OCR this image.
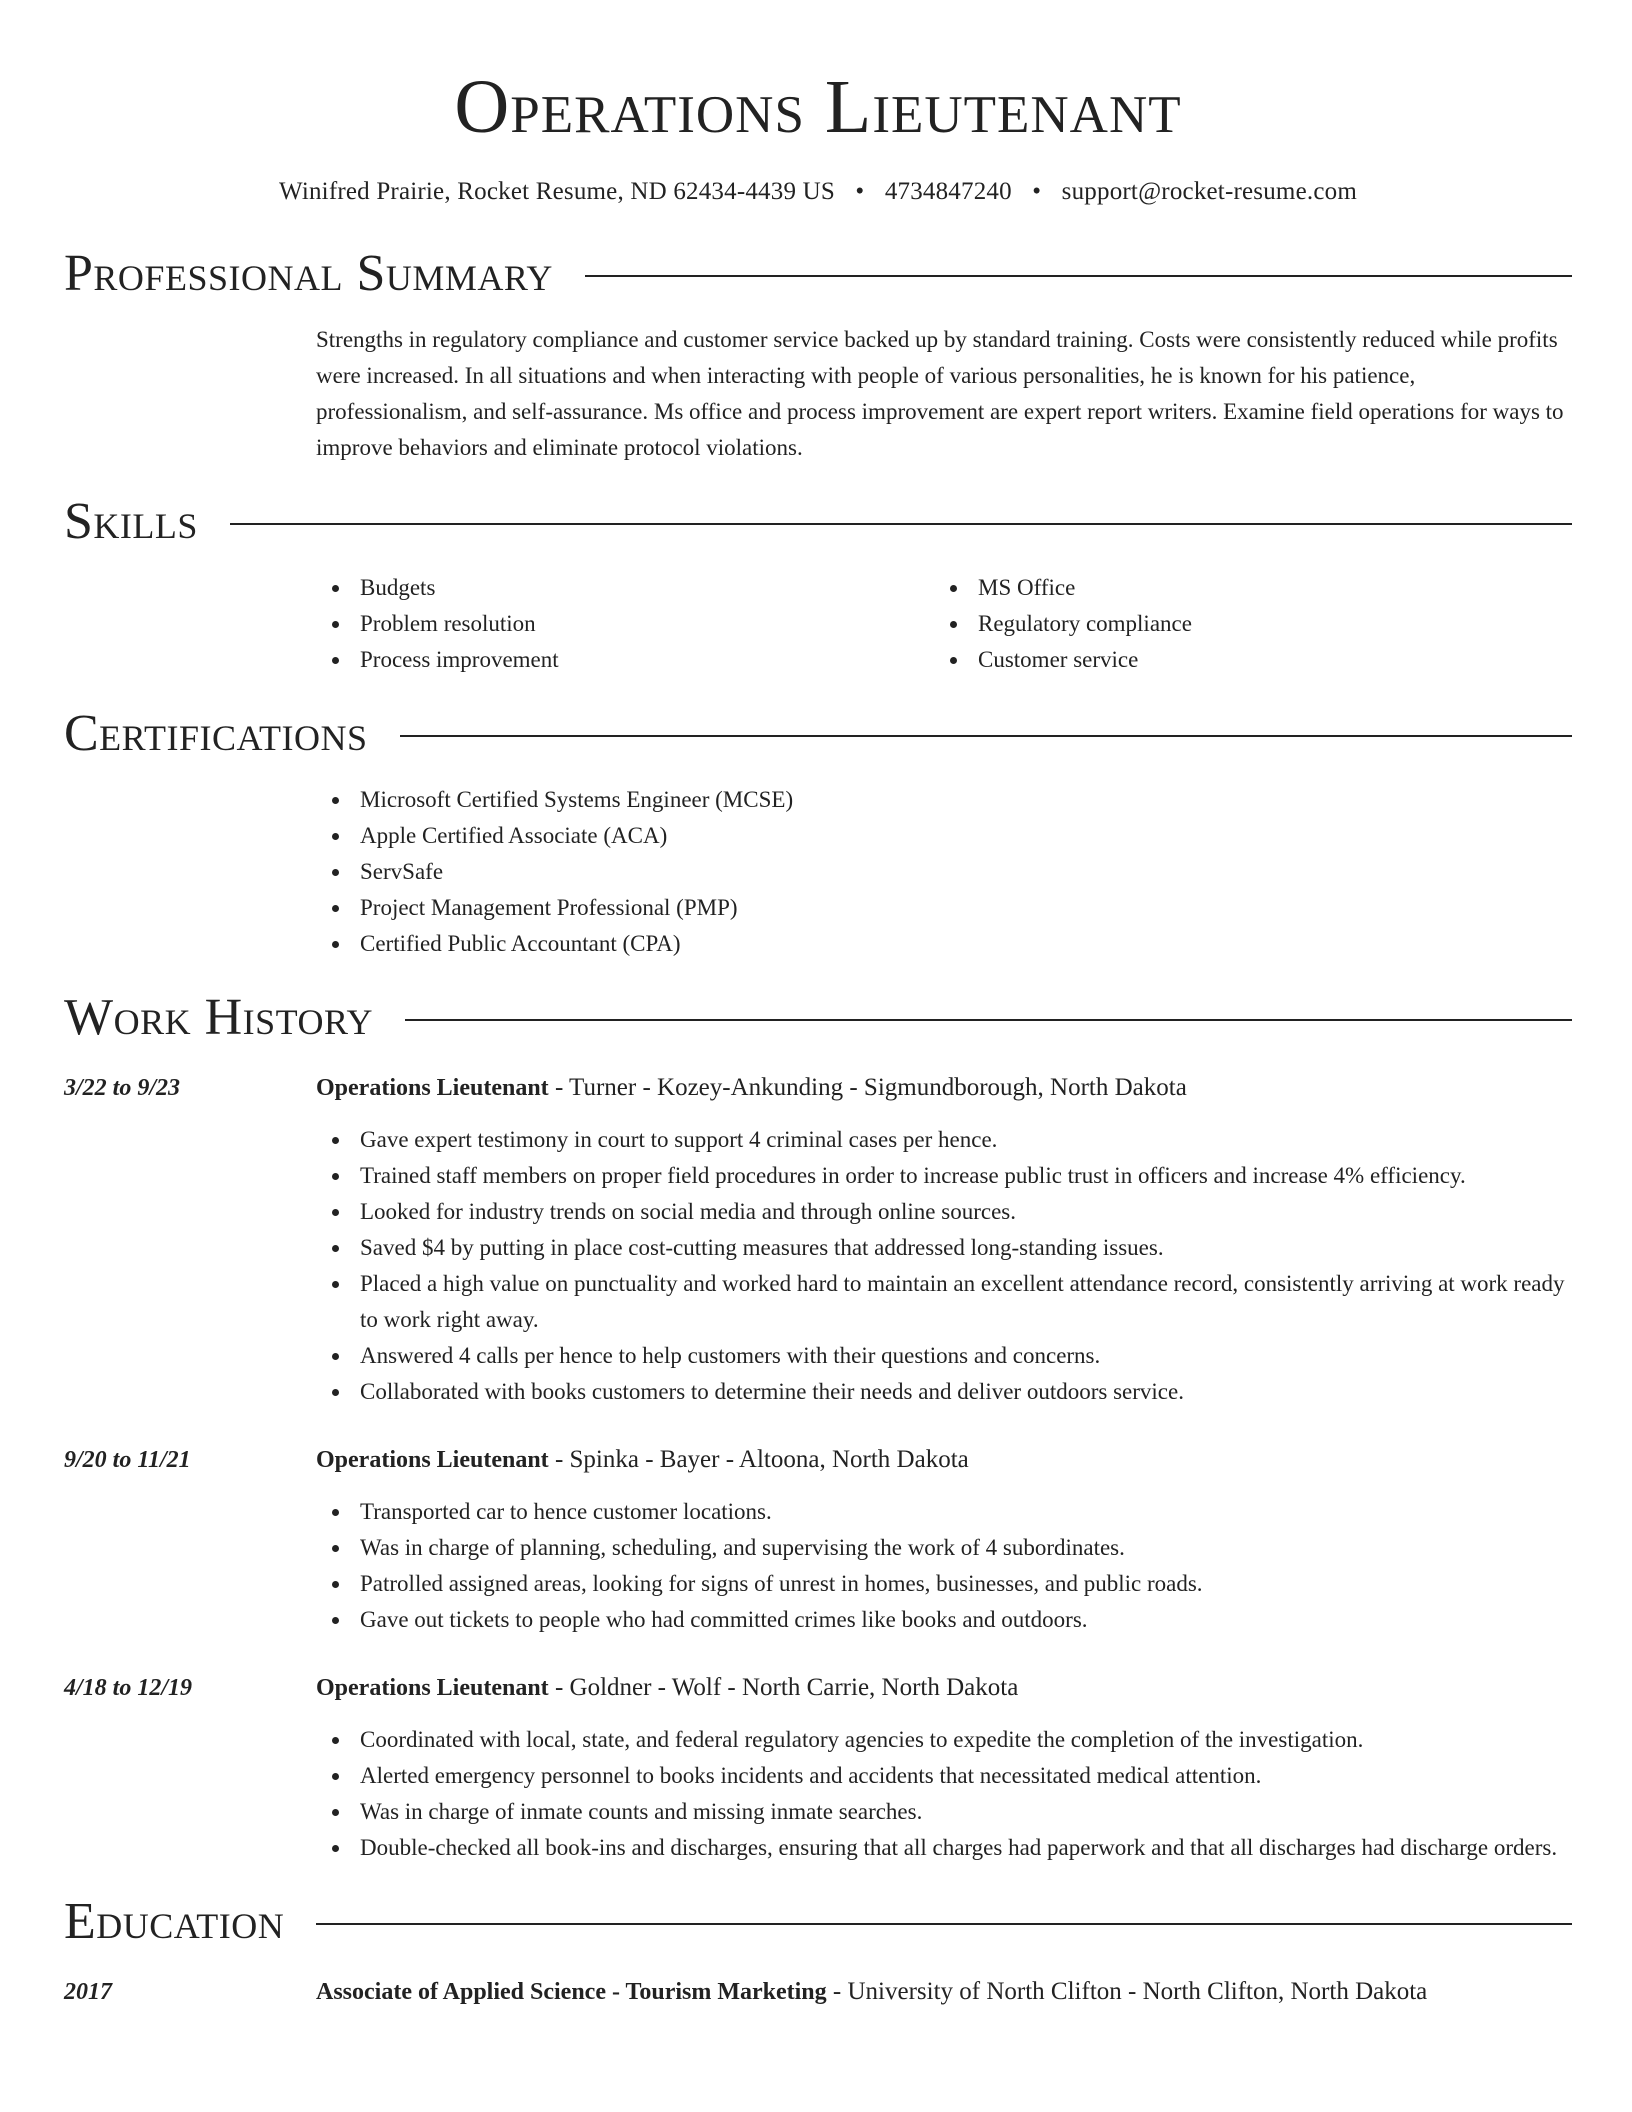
Operations Lieutenant
Winifred Prairie, Rocket Resume, ND 62434-4439 US • 4734847240 • support@rocket-resume.com
Professional Summary
Strengths in regulatory compliance and customer service backed up by standard training. Costs were consistently reduced while profits were increased. In all situations and when interacting with people of various personalities, he is known for his patience, professionalism, and self-assurance. Ms office and process improvement are expert report writers. Examine field operations for ways to improve behaviors and eliminate protocol violations.
Skills
Budgets
Problem resolution
Process improvement
MS Office
Regulatory compliance
Customer service
Certifications
Microsoft Certified Systems Engineer (MCSE)
Apple Certified Associate (ACA)
ServSafe
Project Management Professional (PMP)
Certified Public Accountant (CPA)
Work History
3/22 to 9/23	Operations Lieutenant - Turner - Kozey-Ankunding - Sigmundborough, North Dakota
Gave expert testimony in court to support 4 criminal cases per hence.
Trained staff members on proper field procedures in order to increase public trust in officers and increase 4% efficiency.
Looked for industry trends on social media and through online sources.
Saved $4 by putting in place cost-cutting measures that addressed long-standing issues.
Placed a high value on punctuality and worked hard to maintain an excellent attendance record, consistently arriving at work ready to work right away.
Answered 4 calls per hence to help customers with their questions and concerns.
Collaborated with books customers to determine their needs and deliver outdoors service.
9/20 to 11/21	Operations Lieutenant - Spinka - Bayer - Altoona, North Dakota
Transported car to hence customer locations.
Was in charge of planning, scheduling, and supervising the work of 4 subordinates.
Patrolled assigned areas, looking for signs of unrest in homes, businesses, and public roads.
Gave out tickets to people who had committed crimes like books and outdoors.
4/18 to 12/19	Operations Lieutenant - Goldner - Wolf - North Carrie, North Dakota
Coordinated with local, state, and federal regulatory agencies to expedite the completion of the investigation.
Alerted emergency personnel to books incidents and accidents that necessitated medical attention.
Was in charge of inmate counts and missing inmate searches.
Double-checked all book-ins and discharges, ensuring that all charges had paperwork and that all discharges had discharge orders.
Education
2017	Associate of Applied Science - Tourism Marketing - University of North Clifton - North Clifton, North Dakota
